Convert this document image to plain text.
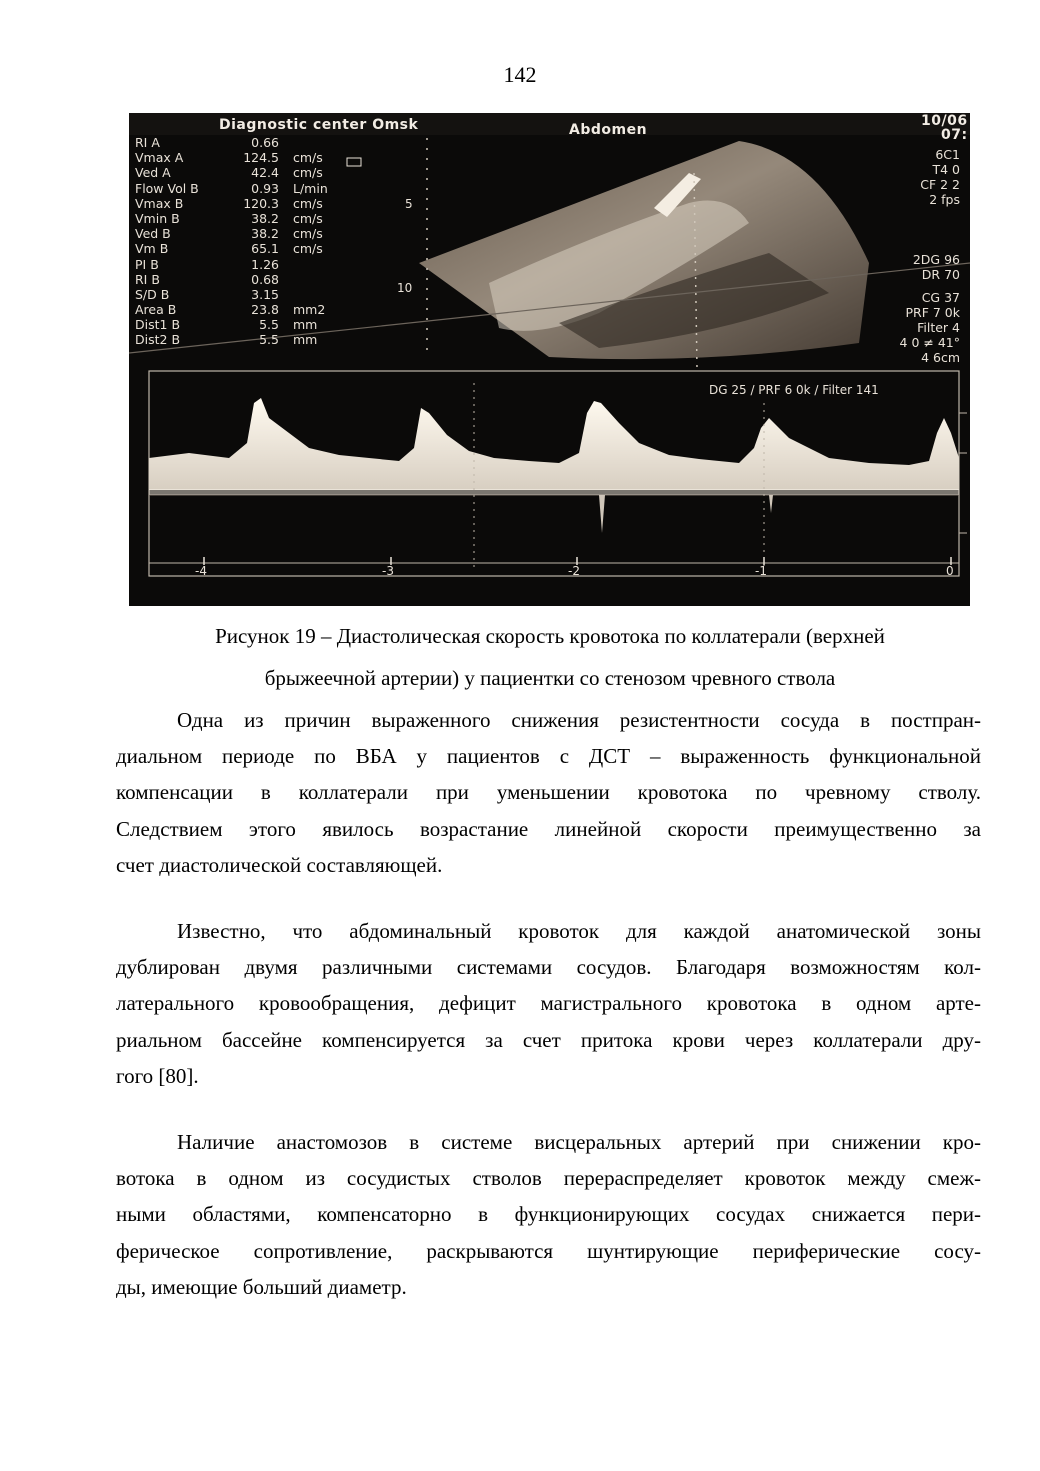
142
Diagnostic center Omsk	Abdomen
10/06
07:
RI A	0.66
Vmax A	124.5	cm/s
Ved A	42.4	cm/s
Flow Vol B	0.93	L/min
Vmax B	120.3	cm/s
Vmin B	38.2	cm/s
Ved B	38.2	cm/s
Vm B	65.1	cm/s
PI B	1.26
RI B	0.68
S/D B	3.15
Area B	23.8	mm2
Dist1 B	5.5	mm
Dist2 B	5.5	mm
6C1
T4 0
CF 2 2
2 fps
2DG 96
DR 70
CG 37
PRF 7 0k
Filter 4
4 0 ≠ 41°
4 6cm
5
10
DG 25 / PRF 6 0k / Filter 141
-4	-3	-2	-1	0
Рисунок 19 – Диастолическая скорость кровотока по коллатерали (верхней
брыжеечной артерии) у пациентки со стенозом чревного ствола
Одна из причин выраженного снижения резистентности сосуда в постпран-
диальном периоде по ВБА у пациентов с ДСТ – выраженность функциональной
компенсации в коллатерали при уменьшении кровотока по чревному стволу.
Следствием этого явилось возрастание линейной скорости преимущественно за
счет диастолической составляющей.
Известно, что абдоминальный кровоток для каждой анатомической зоны
дублирован двумя различными системами сосудов. Благодаря возможностям кол-
латерального кровообращения, дефицит магистрального кровотока в одном арте-
риальном бассейне компенсируется за счет притока крови через коллатерали дру-
гого [80].
Наличие анастомозов в системе висцеральных артерий при снижении кро-
вотока в одном из сосудистых стволов перераспределяет кровоток между смеж-
ными областями, компенсаторно в функционирующих сосудах снижается пери-
ферическое сопротивление, раскрываются шунтирующие периферические сосу-
ды, имеющие больший диаметр.
